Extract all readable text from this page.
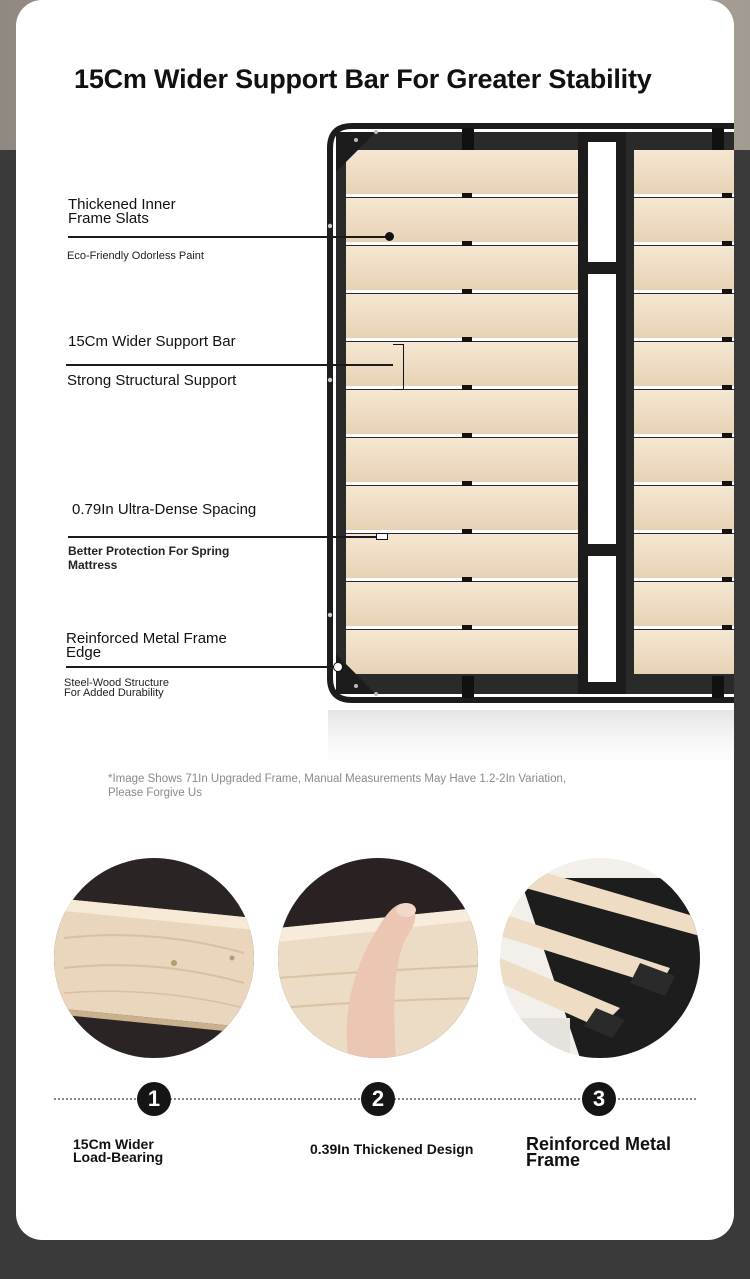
15Cm Wider Support Bar For Greater Stability
Thickened Inner
Frame Slats
Eco-Friendly Odorless Paint
15Cm Wider Support Bar
Strong Structural Support
0.79In Ultra-Dense Spacing
Better Protection For Spring
Mattress
Reinforced Metal Frame
Edge
Steel-Wood Structure
For Added Durability

*Image Shows 71In Upgraded Frame, Manual Measurements May Have 1.2-2In Variation,
Please Forgive Us

1	2	3
15Cm Wider
Load-Bearing	0.39In Thickened Design	Reinforced Metal
Frame
